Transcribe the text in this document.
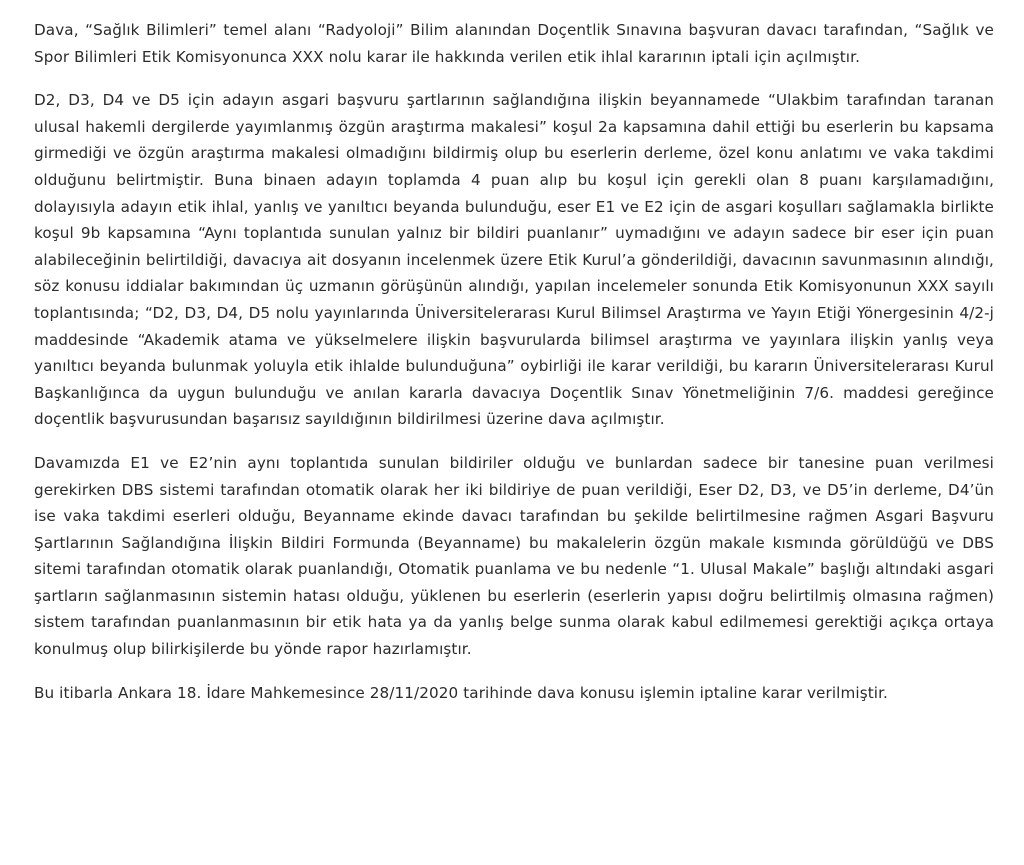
Dava, “Sağlık Bilimleri” temel alanı “Radyoloji” Bilim alanından Doçentlik Sınavına başvuran davacı tarafından, “Sağlık ve Spor Bilimleri Etik Komisyonunca XXX nolu karar ile hakkında verilen etik ihlal kararının iptali için açılmıştır.

D2, D3, D4 ve D5 için adayın asgari başvuru şartlarının sağlandığına ilişkin beyannamede “Ulakbim tarafından taranan ulusal hakemli dergilerde yayımlanmış özgün araştırma makalesi” koşul 2a kapsamına dahil ettiği bu eserlerin bu kapsama girmediği ve özgün araştırma makalesi olmadığını bildirmiş olup bu eserlerin derleme, özel konu anlatımı ve vaka takdimi olduğunu belirtmiştir. Buna binaen adayın toplamda 4 puan alıp bu koşul için gerekli olan 8 puanı karşılamadığını, dolayısıyla adayın etik ihlal, yanlış ve yanıltıcı beyanda bulunduğu, eser E1 ve E2 için de asgari koşulları sağlamakla birlikte koşul 9b kapsamına “Aynı toplantıda sunulan yalnız bir bildiri puanlanır” uymadığını ve adayın sadece bir eser için puan alabileceğinin belirtildiği, davacıya ait dosyanın incelenmek üzere Etik Kurul’a gönderildiği, davacının savunmasının alındığı, söz konusu iddialar bakımından üç uzmanın görüşünün alındığı, yapılan incelemeler sonunda Etik Komisyonunun XXX sayılı toplantısında; “D2, D3, D4, D5 nolu yayınlarında Üniversitelerarası Kurul Bilimsel Araştırma ve Yayın Etiği Yönergesinin 4/2-j maddesinde “Akademik atama ve yükselmelere ilişkin başvurularda bilimsel araştırma ve yayınlara ilişkin yanlış veya yanıltıcı beyanda bulunmak yoluyla etik ihlalde bulunduğuna” oybirliği ile karar verildiği, bu kararın Üniversitelerarası Kurul Başkanlığınca da uygun bulunduğu ve anılan kararla davacıya Doçentlik Sınav Yönetmeliğinin 7/6. maddesi gereğince doçentlik başvurusundan başarısız sayıldığının bildirilmesi üzerine dava açılmıştır.

Davamızda E1 ve E2’nin aynı toplantıda sunulan bildiriler olduğu ve bunlardan sadece bir tanesine puan verilmesi gerekirken DBS sistemi tarafından otomatik olarak her iki bildiriye de puan verildiği, Eser D2, D3, ve D5’in derleme, D4’ün ise vaka takdimi eserleri olduğu, Beyanname ekinde davacı tarafından bu şekilde belirtilmesine rağmen Asgari Başvuru Şartlarının Sağlandığına İlişkin Bildiri Formunda (Beyanname) bu makalelerin özgün makale kısmında görüldüğü ve DBS sitemi tarafından otomatik olarak puanlandığı, Otomatik puanlama ve bu nedenle “1. Ulusal Makale” başlığı altındaki asgari şartların sağlanmasının sistemin hatası olduğu, yüklenen bu eserlerin (eserlerin yapısı doğru belirtilmiş olmasına rağmen) sistem tarafından puanlanmasının bir etik hata ya da yanlış belge sunma olarak kabul edilmemesi gerektiği açıkça ortaya konulmuş olup bilirkişilerde bu yönde rapor hazırlamıştır.

Bu itibarla Ankara 18. İdare Mahkemesince 28/11/2020 tarihinde dava konusu işlemin iptaline karar verilmiştir.
